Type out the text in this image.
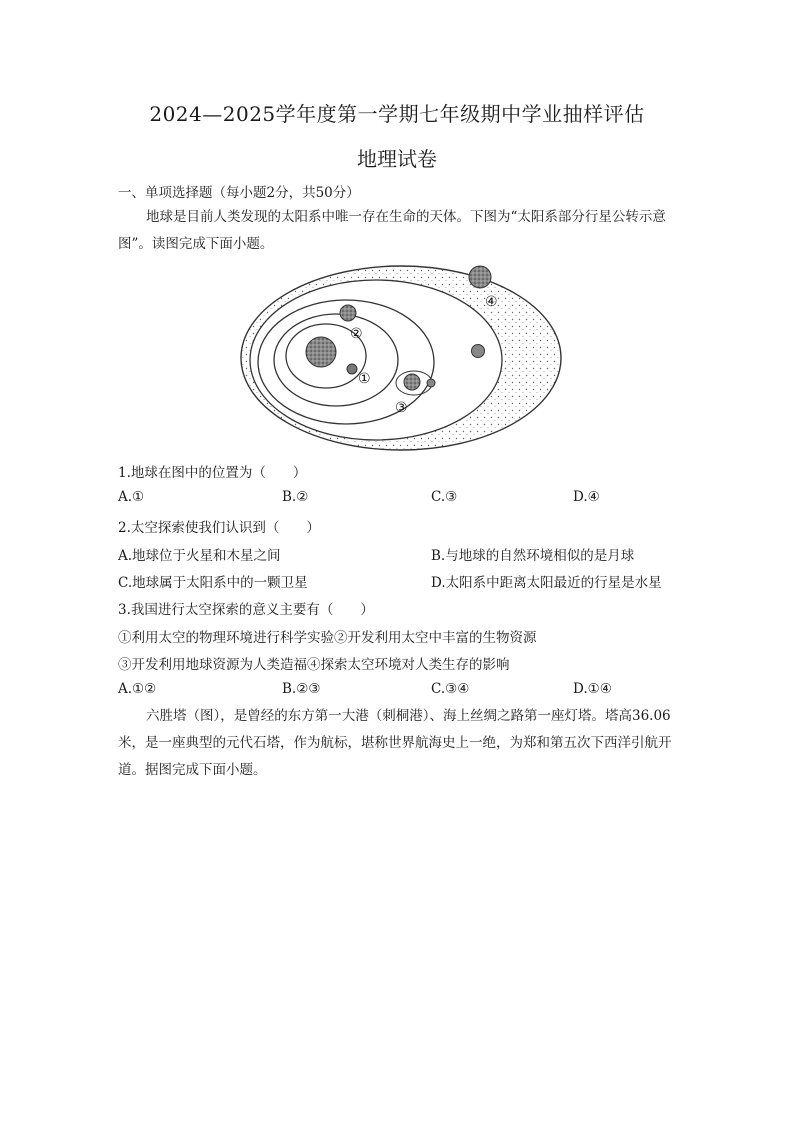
2024—2025学年度第一学期七年级期中学业抽样评估
地理试卷
一、单项选择题（每小题2分，共50分）
地球是目前人类发现的太阳系中唯一存在生命的天体。下图为“太阳系部分行星公转示意图”。读图完成下面小题。
①
②
③
④
1.地球在图中的位置为（　　）
A.①	B.②	C.③	D.④
2.太空探索使我们认识到（　　）
A.地球位于火星和木星之间	B.与地球的自然环境相似的是月球
C.地球属于太阳系中的一颗卫星	D.太阳系中距离太阳最近的行星是水星
3.我国进行太空探索的意义主要有（　　）
①利用太空的物理环境进行科学实验②开发利用太空中丰富的生物资源
③开发利用地球资源为人类造福④探索太空环境对人类生存的影响
A.①②	B.②③	C.③④	D.①④
六胜塔（图），是曾经的东方第一大港（刺桐港）、海上丝绸之路第一座灯塔。塔高36.06米，是一座典型的元代石塔，作为航标，堪称世界航海史上一绝，为郑和第五次下西洋引航开道。据图完成下面小题。
